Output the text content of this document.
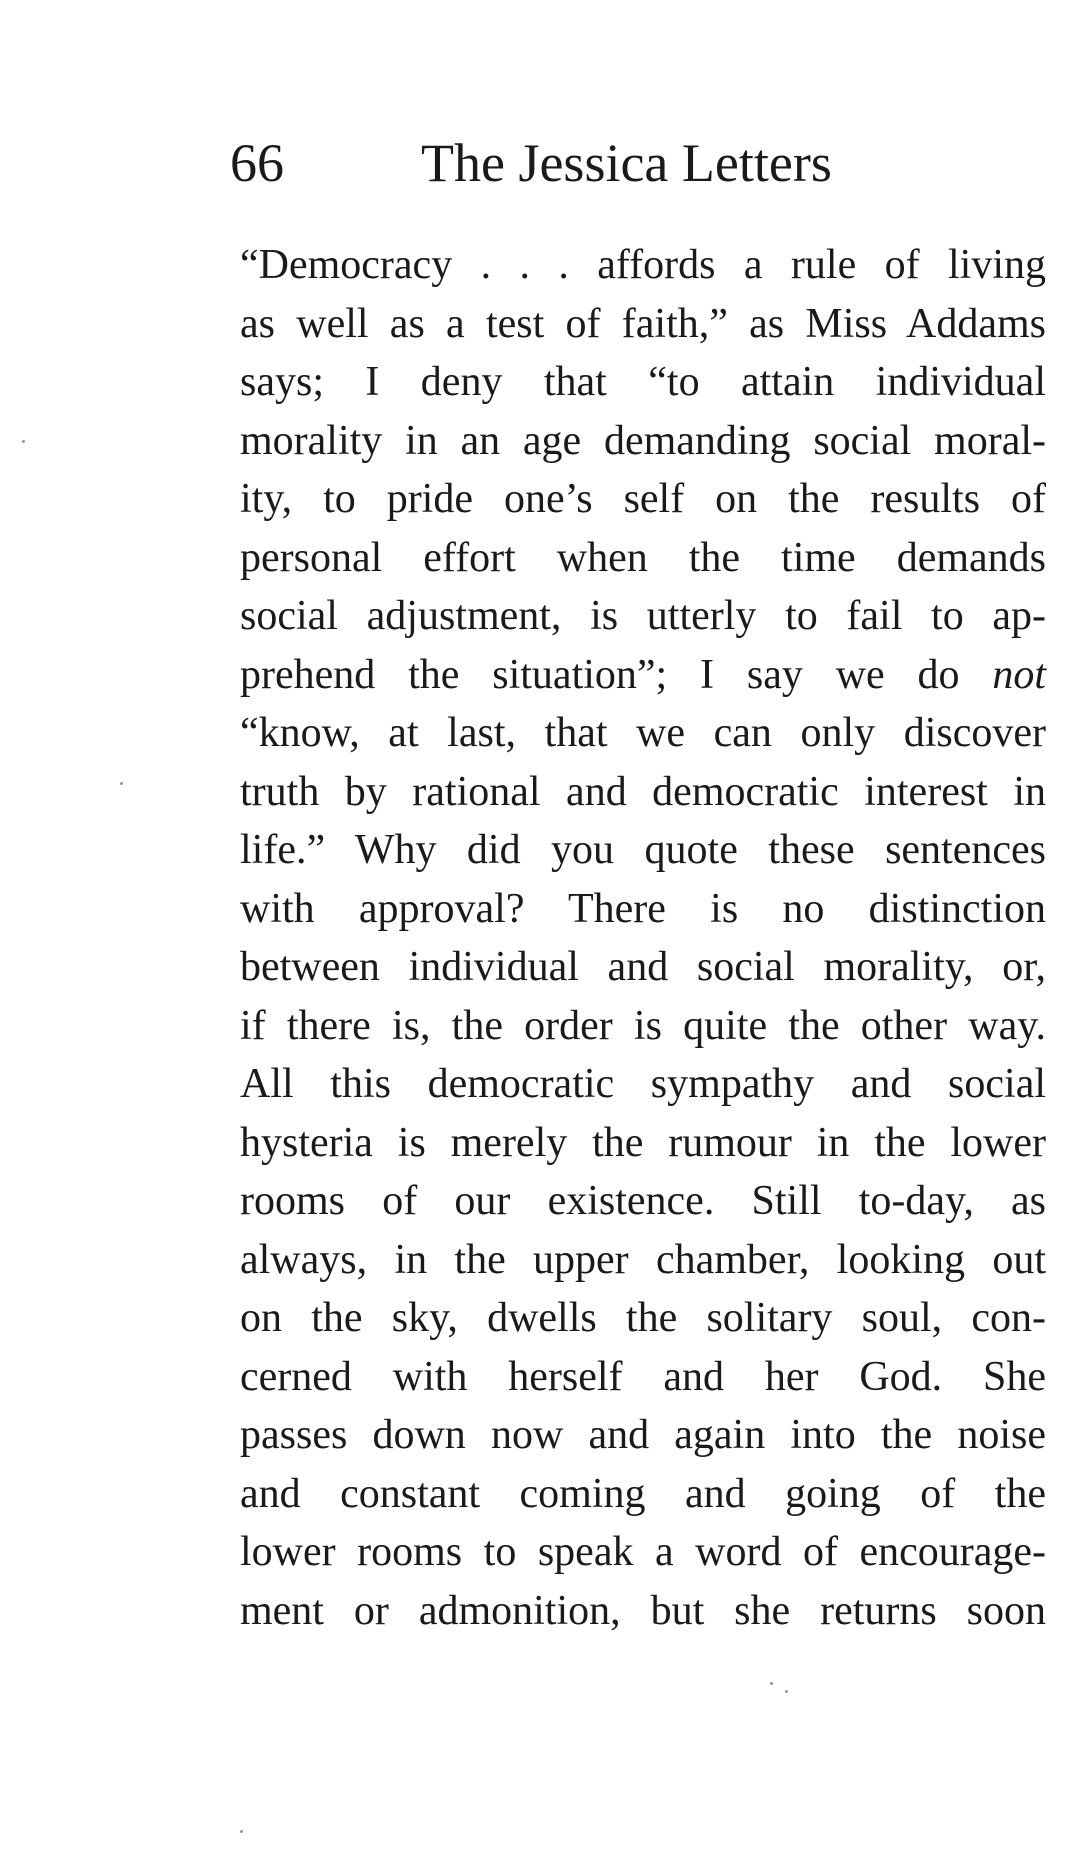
66	The Jessica Letters
“Democracy . . . affords a rule of living
as well as a test of faith,” as Miss Addams
says; I deny that “to attain individual
morality in an age demanding social moral-
ity, to pride one’s self on the results of
personal effort when the time demands
social adjustment, is utterly to fail to ap-
prehend the situation”; I say we do not
“know, at last, that we can only discover
truth by rational and democratic interest in
life.” Why did you quote these sentences
with approval? There is no distinction
between individual and social morality, or,
if there is, the order is quite the other way.
All this democratic sympathy and social
hysteria is merely the rumour in the lower
rooms of our existence. Still to-day, as
always, in the upper chamber, looking out
on the sky, dwells the solitary soul, con-
cerned with herself and her God. She
passes down now and again into the noise
and constant coming and going of the
lower rooms to speak a word of encourage-
ment or admonition, but she returns soon
